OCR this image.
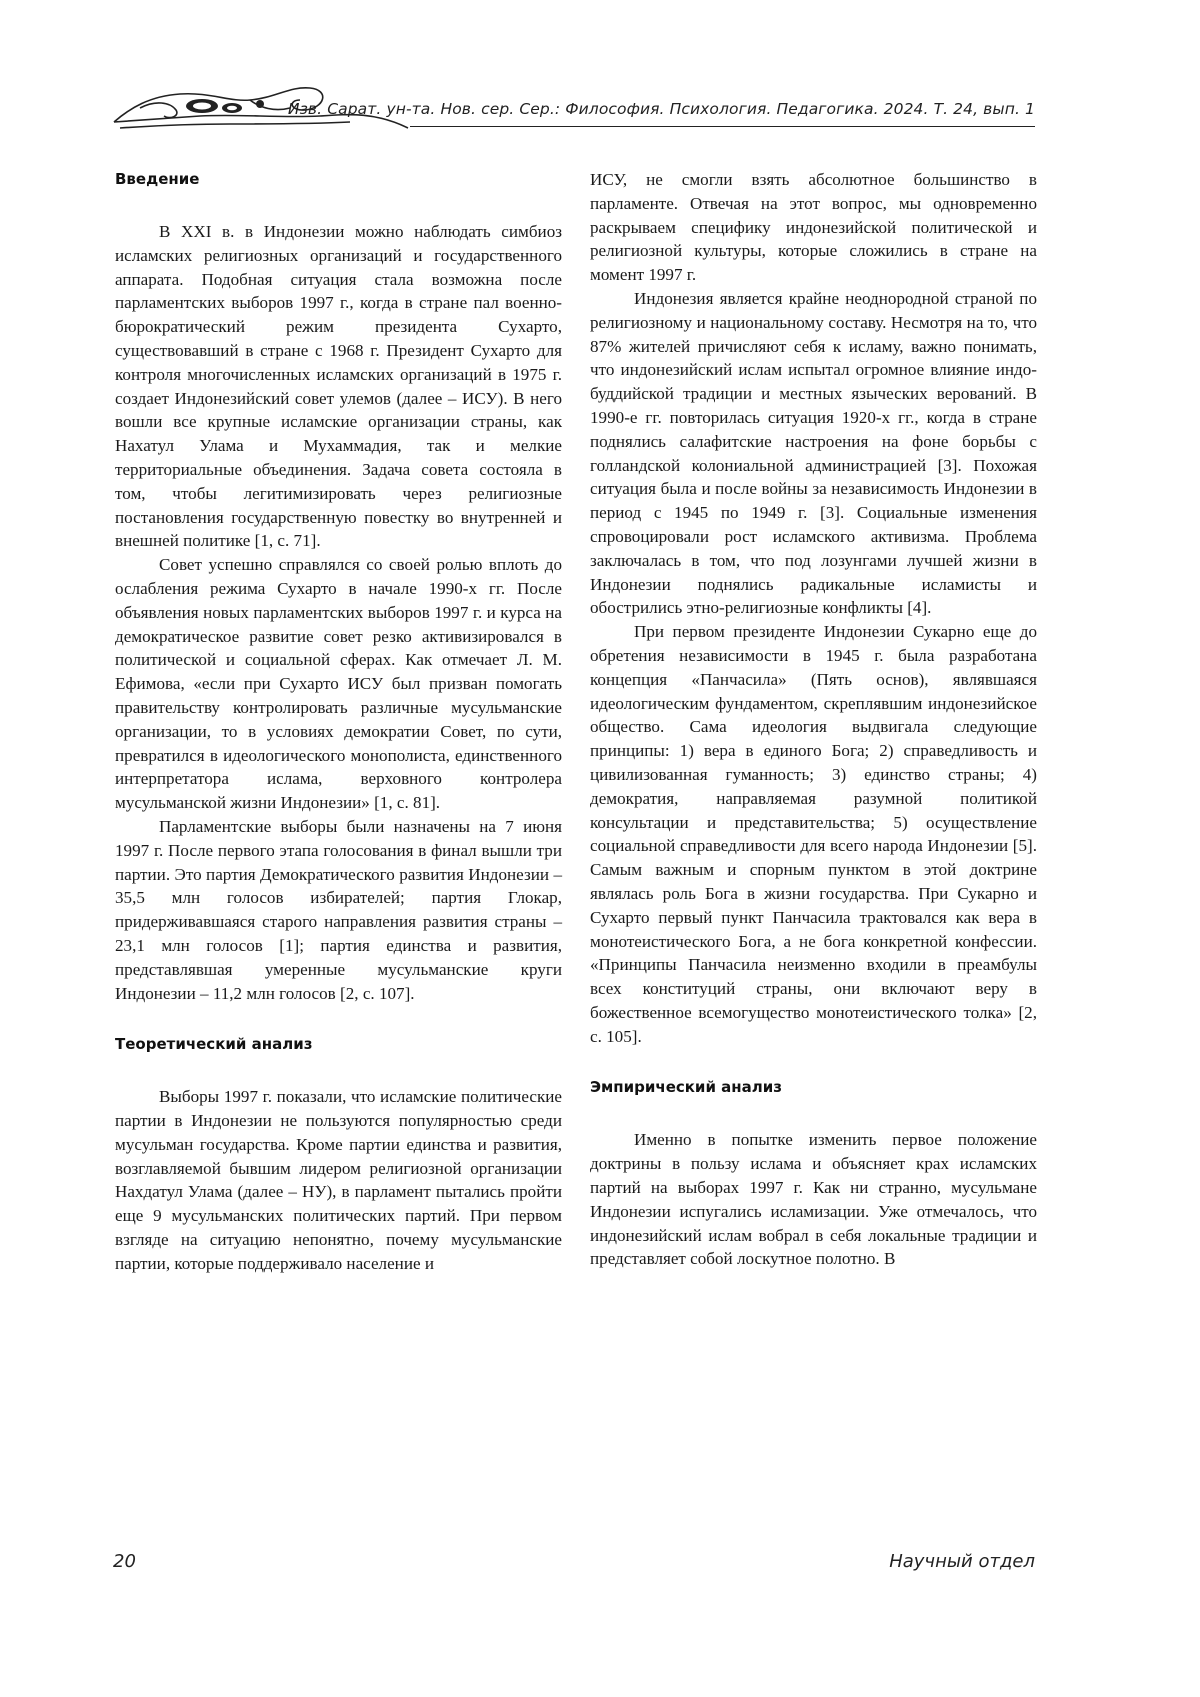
Изв. Сарат. ун-та. Нов. сер. Сер.: Философия. Психология. Педагогика. 2024. Т. 24, вып. 1
Введение

В XXI в. в Индонезии можно наблюдать симбиоз исламских религиозных организаций и государственного аппарата. Подобная ситуация стала возможна после парламентских выборов 1997 г., когда в стране пал военно-бюрократический режим президента Сухарто, существовавший в стране с 1968 г. Президент Сухарто для контроля многочисленных исламских организаций в 1975 г. создает Индонезийский совет улемов (далее – ИСУ). В него вошли все крупные исламские организации страны, как Нахатул Улама и Мухаммадия, так и мелкие территориальные объединения. Задача совета состояла в том, чтобы легитимизировать через религиозные постановления государственную повестку во внутренней и внешней политике [1, с. 71].

Совет успешно справлялся со своей ролью вплоть до ослабления режима Сухарто в начале 1990-х гг. После объявления новых парламентских выборов 1997 г. и курса на демократическое развитие совет резко активизировался в политической и социальной сферах. Как отмечает Л. М. Ефимова, «если при Сухарто ИСУ был призван помогать правительству контролировать различные мусульманские организации, то в условиях демократии Совет, по сути, превратился в идеологического монополиста, единственного интерпретатора ислама, верховного контролера мусульманской жизни Индонезии» [1, с. 81].

Парламентские выборы были назначены на 7 июня 1997 г. После первого этапа голосования в финал вышли три партии. Это партия Демократического развития Индонезии – 35,5 млн голосов избирателей; партия Глокар, придерживавшаяся старого направления развития страны – 23,1 млн голосов [1]; партия единства и развития, представлявшая умеренные мусульманские круги Индонезии – 11,2 млн голосов [2, с. 107].

Теоретический анализ

Выборы 1997 г. показали, что исламские политические партии в Индонезии не пользуются популярностью среди мусульман государства. Кроме партии единства и развития, возглавляемой бывшим лидером религиозной организации Нахдатул Улама (далее – НУ), в парламент пытались пройти еще 9 мусульманских политических партий. При первом взгляде на ситуацию непонятно, почему мусульманские партии, которые поддерживало население и

ИСУ, не смогли взять абсолютное большинство в парламенте. Отвечая на этот вопрос, мы одновременно раскрываем специфику индонезийской политической и религиозной культуры, которые сложились в стране на момент 1997 г.

Индонезия является крайне неоднородной страной по религиозному и национальному составу. Несмотря на то, что 87% жителей причисляют себя к исламу, важно понимать, что индонезийский ислам испытал огромное влияние индо-буддийской традиции и местных языческих верований. В 1990-е гг. повторилась ситуация 1920-х гг., когда в стране поднялись салафитские настроения на фоне борьбы с голландской колониальной администрацией [3]. Похожая ситуация была и после войны за независимость Индонезии в период с 1945 по 1949 г. [3]. Социальные изменения спровоцировали рост исламского активизма. Проблема заключалась в том, что под лозунгами лучшей жизни в Индонезии поднялись радикальные исламисты и обострились этно-религиозные конфликты [4].

При первом президенте Индонезии Сукарно еще до обретения независимости в 1945 г. была разработана концепция «Панчасила» (Пять основ), являвшаяся идеологическим фундаментом, скреплявшим индонезийское общество. Сама идеология выдвигала следующие принципы: 1) вера в единого Бога; 2) справедливость и цивилизованная гуманность; 3) единство страны; 4) демократия, направляемая разумной политикой консультации и представительства; 5) осуществление социальной справедливости для всего народа Индонезии [5]. Самым важным и спорным пунктом в этой доктрине являлась роль Бога в жизни государства. При Сукарно и Сухарто первый пункт Панчасила трактовался как вера в монотеистического Бога, а не бога конкретной конфессии. «Принципы Панчасила неизменно входили в преамбулы всех конституций страны, они включают веру в божественное всемогущество монотеистического толка» [2, с. 105].

Эмпирический анализ

Именно в попытке изменить первое положение доктрины в пользу ислама и объясняет крах исламских партий на выборах 1997 г. Как ни странно, мусульмане Индонезии испугались исламизации. Уже отмечалось, что индонезийский ислам вобрал в себя локальные традиции и представляет собой лоскутное полотно. В

20	Научный отдел
